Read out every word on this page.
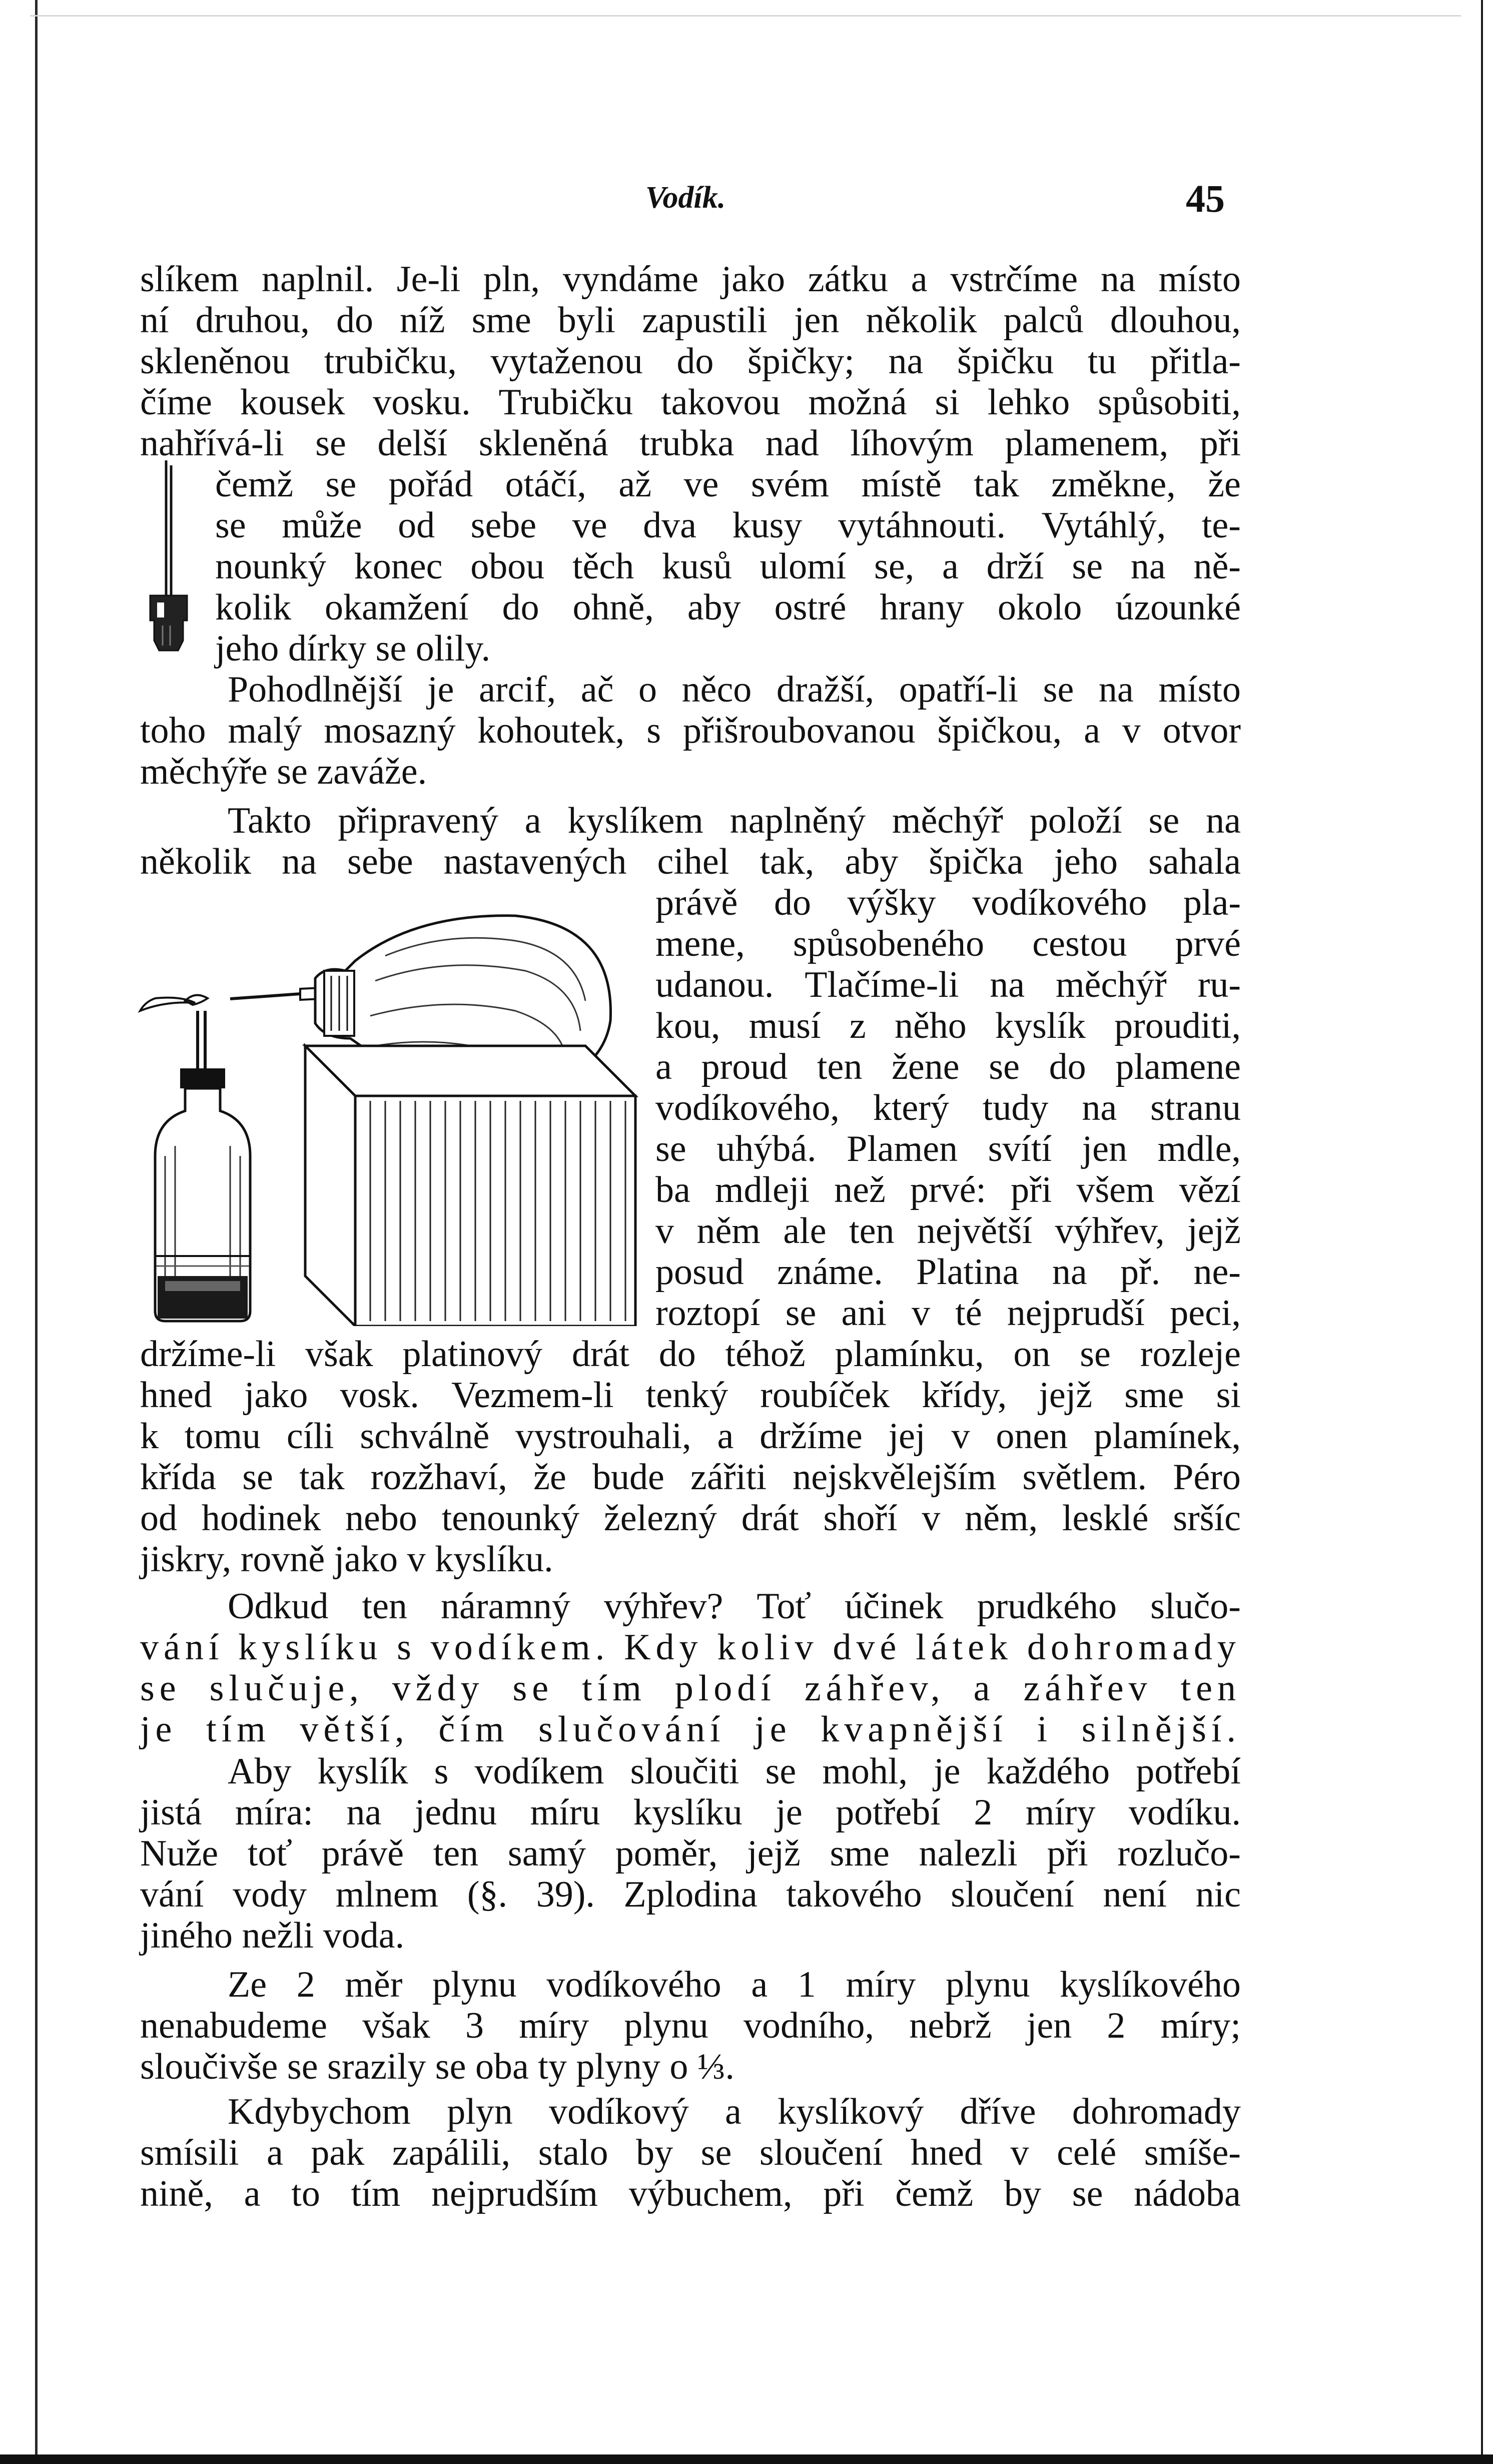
Vodík.	45
slíkem naplnil. Je-li pln, vyndáme jako zátku a vstrčíme na místo
ní druhou, do níž sme byli zapustili jen několik palců dlouhou,
skleněnou trubičku, vytaženou do špičky; na špičku tu přitla-
číme kousek vosku. Trubičku takovou možná si lehko spůsobiti,
nahřívá-li se delší skleněná trubka nad líhovým plamenem, při
čemž se pořád otáčí, až ve svém místě tak změkne, že
se může od sebe ve dva kusy vytáhnouti. Vytáhlý, te-
nounký konec obou těch kusů ulomí se, a drží se na ně-
kolik okamžení do ohně, aby ostré hrany okolo úzounké
jeho dírky se olily.
Pohodlnější je arcif, ač o něco dražší, opatří-li se na místo
toho malý mosazný kohoutek, s přišroubovanou špičkou, a v otvor
měchýře se zaváže.
Takto připravený a kyslíkem naplněný měchýř položí se na
několik na sebe nastavených cihel tak, aby špička jeho sahala
právě do výšky vodíkového pla-
mene, spůsobeného cestou prvé
udanou. Tlačíme-li na měchýř ru-
kou, musí z něho kyslík prouditi,
a proud ten žene se do plamene
vodíkového, který tudy na stranu
se uhýbá. Plamen svítí jen mdle,
ba mdleji než prvé: při všem vězí
v něm ale ten největší výhřev, jejž
posud známe. Platina na př. ne-
roztopí se ani v té nejprudší peci,
držíme-li však platinový drát do téhož plamínku, on se rozleje
hned jako vosk. Vezmem-li tenký roubíček křídy, jejž sme si
k tomu cíli schválně vystrouhali, a držíme jej v onen plamínek,
křída se tak rozžhaví, že bude zářiti nejskvělejším světlem. Péro
od hodinek nebo tenounký železný drát shoří v něm, lesklé sršíc
jiskry, rovně jako v kyslíku.
Odkud ten náramný výhřev? Toť účinek prudkého slučo-
vání kyslíku s vodíkem. Kdy koliv dvé látek dohromady
se slučuje, vždy se tím plodí záhřev, a záhřev ten
je tím větší, čím slučování je kvapnější i silnější.
Aby kyslík s vodíkem sloučiti se mohl, je každého potřebí
jistá míra: na jednu míru kyslíku je potřebí 2 míry vodíku.
Nuže toť právě ten samý poměr, jejž sme nalezli při rozlučo-
vání vody mlnem (§. 39). Zplodina takového sloučení není nic
jiného nežli voda.
Ze 2 měr plynu vodíkového a 1 míry plynu kyslíkového
nenabudeme však 3 míry plynu vodního, nebrž jen 2 míry;
sloučivše se srazily se oba ty plyny o ⅓.
Kdybychom plyn vodíkový a kyslíkový dříve dohromady
smísili a pak zapálili, stalo by se sloučení hned v celé smíše-
nině, a to tím nejprudším výbuchem, při čemž by se nádoba
